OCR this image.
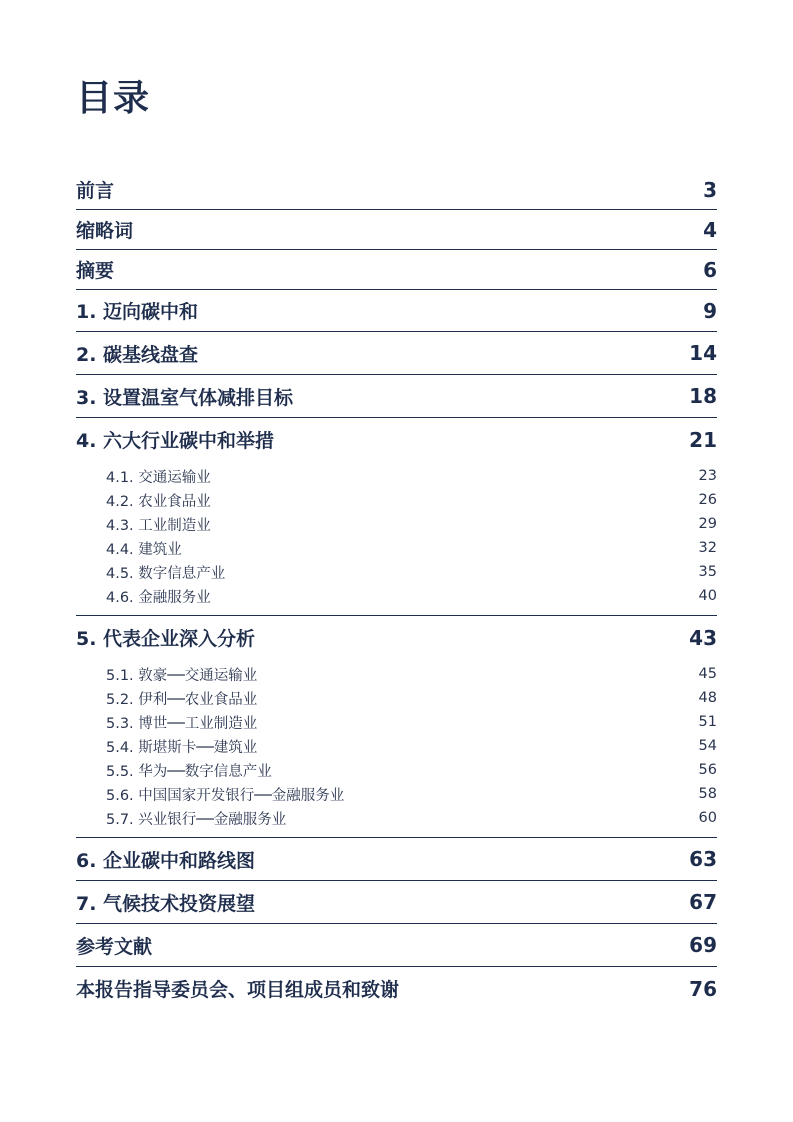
目录
前言	3
缩略词	4
摘要	6
1. 迈向碳中和	9
2. 碳基线盘查	14
3. 设置温室气体减排目标	18
4. 六大行业碳中和举措	21
4.1. 交通运输业	23
4.2. 农业食品业	26
4.3. 工业制造业	29
4.4. 建筑业	32
4.5. 数字信息产业	35
4.6. 金融服务业	40
5. 代表企业深入分析	43
5.1. 敦豪──交通运输业	45
5.2. 伊利──农业食品业	48
5.3. 博世──工业制造业	51
5.4. 斯堪斯卡──建筑业	54
5.5. 华为──数字信息产业	56
5.6. 中国国家开发银行──金融服务业	58
5.7. 兴业银行──金融服务业	60
6. 企业碳中和路线图	63
7. 气候技术投资展望	67
参考文献	69
本报告指导委员会、项目组成员和致谢	76
